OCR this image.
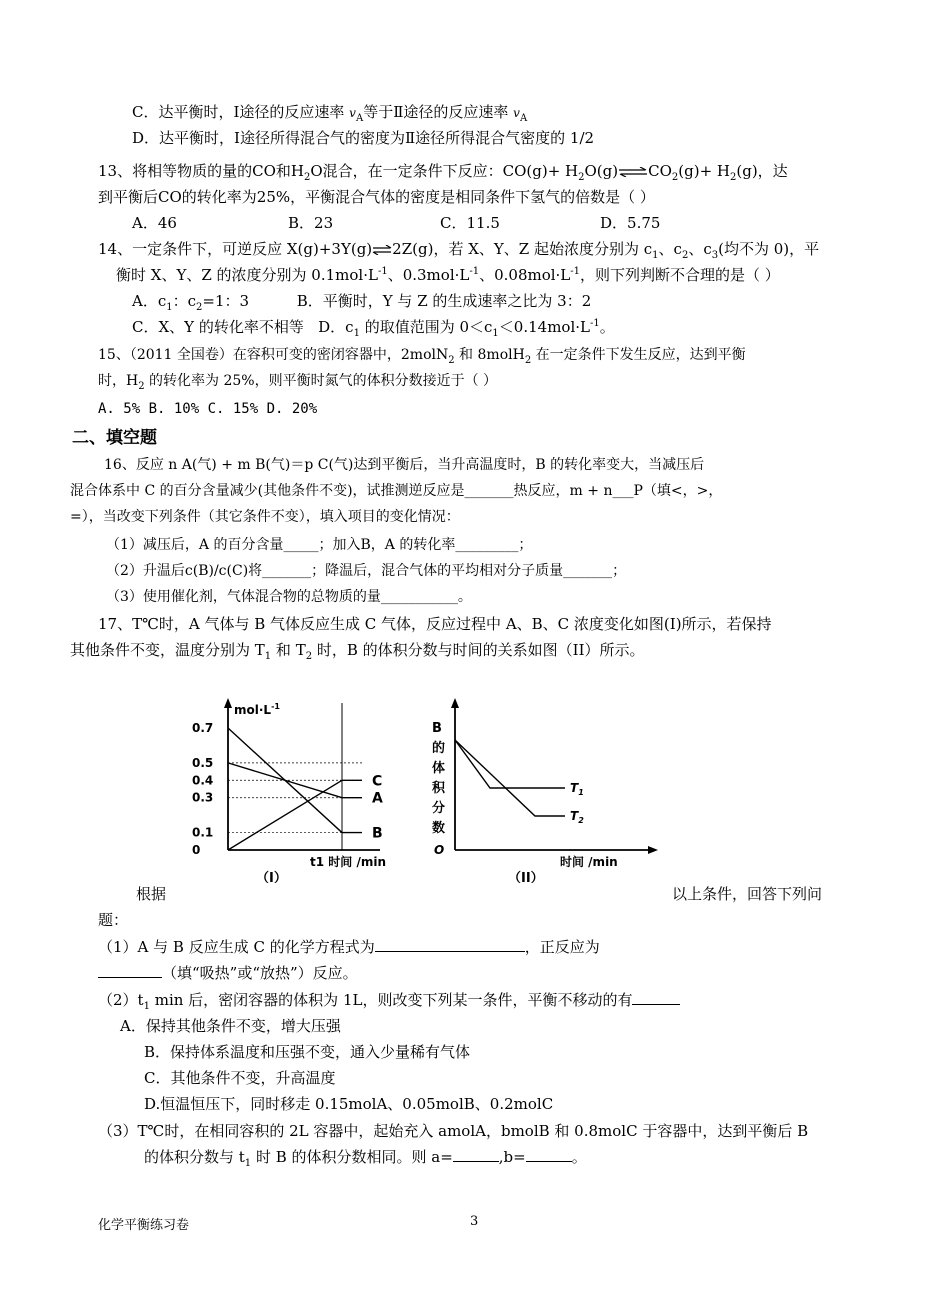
C．达平衡时，Ⅰ途径的反应速率 $v_A$等于Ⅱ途径的反应速率 $v_A$
D．达平衡时，Ⅰ途径所得混合气的密度为Ⅱ途径所得混合气密度的 1/2
13、将相等物质的量的CO和$H_2O$混合，在一定条件下反应：$CO(g)+ H_2O(g)\rightleftharpoons CO_2(g)+ H_2(g)$，达
到平衡后CO的转化率为25%，平衡混合气体的密度是相同条件下氢气的倍数是（ ）
A．46	B．23	C．11.5	D．5.75
14、一定条件下，可逆反应 X(g)+3Y(g)⇌2Z(g)，若 X、Y、Z 起始浓度分别为 $c_1$、$c_2$、$c_3$(均不为 0)，平
衡时 X、Y、Z 的浓度分别为 $0.1mol\cdot L^{-1}$、$0.3mol\cdot L^{-1}$、$0.08mol\cdot L^{-1}$，则下列判断不合理的是（ ）
A．$c_1$：$c_2=1$：3          B．平衡时，Y 与 Z 的生成速率之比为 3：2
C．X、Y 的转化率不相等   D．$c_1$ 的取值范围为 $0<c_1<0.14mol\cdot L^{-1}$。
15、（2011 全国卷）在容积可变的密闭容器中，2molN$_2$ 和 8molH$_2$ 在一定条件下发生反应，达到平衡
时，$H_2$ 的转化率为 25%，则平衡时氮气的体积分数接近于（ ）
A. 5% B. 10% C. 15% D. 20%
二、填空题
16、反应 n A(气) + m B(气)＝p C(气)达到平衡后，当升高温度时，B 的转化率变大，当减压后
混合体系中 C 的百分含量减少(其他条件不变)，试推测逆反应是_______热反应，m + n___P（填<，>，
=），当改变下列条件（其它条件不变），填入项目的变化情况：
（1）减压后，A 的百分含量_____；加入B，A 的转化率_________；
（2）升温后c(B)/c(C)将_______；降温后，混合气体的平均相对分子质量_______；
（3）使用催化剂，气体混合物的总物质的量___________。
17、T℃时，A 气体与 B 气体反应生成 C 气体，反应过程中 A、B、C 浓度变化如图(I)所示，若保持
其他条件不变，温度分别为 $T_1$ 和 $T_2$ 时，B 的体积分数与时间的关系如图（II）所示。
$mol\cdot L^{-1}$
0.7
0.5
0.4
0.3
0.1
0
A
B
C
t1 时间 /min
（I）
B 的体积分数
O
$T_1$
$T_2$
时间 /min
（II）
根据	以上条件，回答下列问
题：
（1）A 与 B 反应生成 C 的化学方程式为	，正反应为
（填“吸热”或“放热”）反应。
$(2)t_1$ min 后，密闭容器的体积为 1L，则改变下列某一条件，平衡不移动的有
A．保持其他条件不变，增大压强
B．保持体系温度和压强不变，通入少量稀有气体
C．其他条件不变，升高温度
D.恒温恒压下，同时移走 0.15molA、0.05molB、0.2molC
（3）T℃时，在相同容积的 2L 容器中，起始充入 amolA，bmolB 和 0.8molC 于容器中，达到平衡后 B
的体积分数与 $t_1$ 时 B 的体积分数相同。则 a=	,b=	。
化学平衡练习卷	3
